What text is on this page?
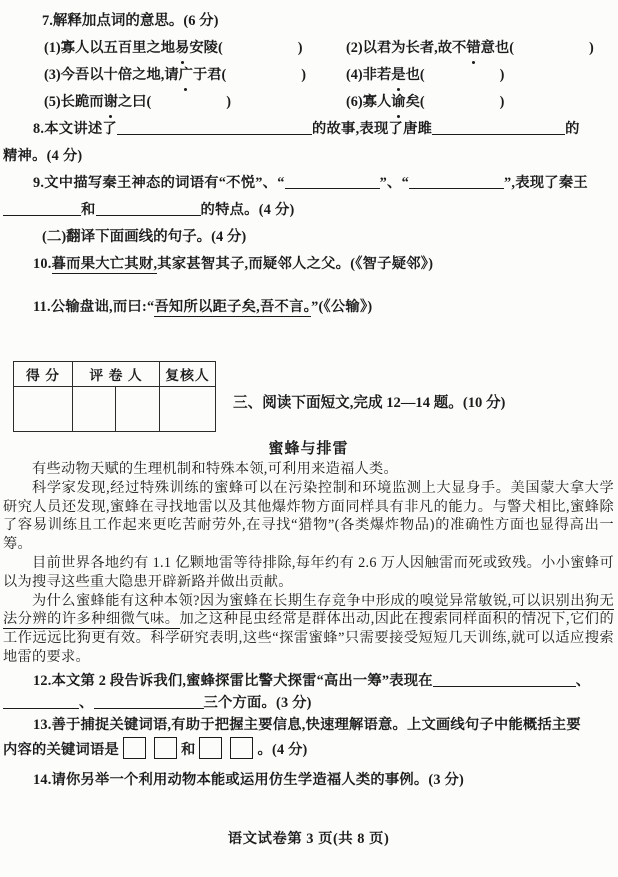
7.解释加点词的意思。(6 分)
(1)寡人以五百里之地易安陵(	)	(2)以君为长者,故不错意也(	)
(3)今吾以十倍之地,请广于君(	)	(4)非若是也(	)
(5)长跪而谢之曰(	)	(6)寡人谕矣(	)
8.本文讲述了	的故事,表现了唐雎	的
精神。(4 分)
9.文中描写秦王神态的词语有“不悦”、“	”、“	”,表现了秦王
和	的特点。(4 分)
(二)翻译下面画线的句子。(4 分)
10.暮而果大亡其财,其家甚智其子,而疑邻人之父。(《智子疑邻》)
11.公输盘诎,而曰:“吾知所以距子矣,吾不言。”(《公输》)
得 分	评 卷 人		复核人

三、阅读下面短文,完成 12—14 题。(10 分)
蜜蜂与排雷

有些动物天赋的生理机制和特殊本领,可利用来造福人类。

科学家发现,经过特殊训练的蜜蜂可以在污染控制和环境监测上大显身手。美国蒙大拿大学研究人员还发现,蜜蜂在寻找地雷以及其他爆炸物方面同样具有非凡的能力。与警犬相比,蜜蜂除了容易训练且工作起来更吃苦耐劳外,在寻找“猎物”(各类爆炸物品)的准确性方面也显得高出一筹。

目前世界各地约有 1.1 亿颗地雷等待排除,每年约有 2.6 万人因触雷而死或致残。小小蜜蜂可以为搜寻这些重大隐患开辟新路并做出贡献。

为什么蜜蜂能有这种本领?因为蜜蜂在长期生存竞争中形成的嗅觉异常敏锐,可以识别出狗无法分辨的许多种细微气味。加之这种昆虫经常是群体出动,因此在搜索同样面积的情况下,它们的工作远远比狗更有效。科学研究表明,这些“探雷蜜蜂”只需要接受短短几天训练,就可以适应搜索地雷的要求。

12.本文第 2 段告诉我们,蜜蜂探雷比警犬探雷“高出一筹”表现在	、
、	三个方面。(3 分)
13.善于捕捉关键词语,有助于把握主要信息,快速理解语意。上文画线句子中能概括主要
内容的关键词语是	和	。(4 分)
14.请你另举一个利用动物本能或运用仿生学造福人类的事例。(3 分)
语文试卷第 3 页(共 8 页)
